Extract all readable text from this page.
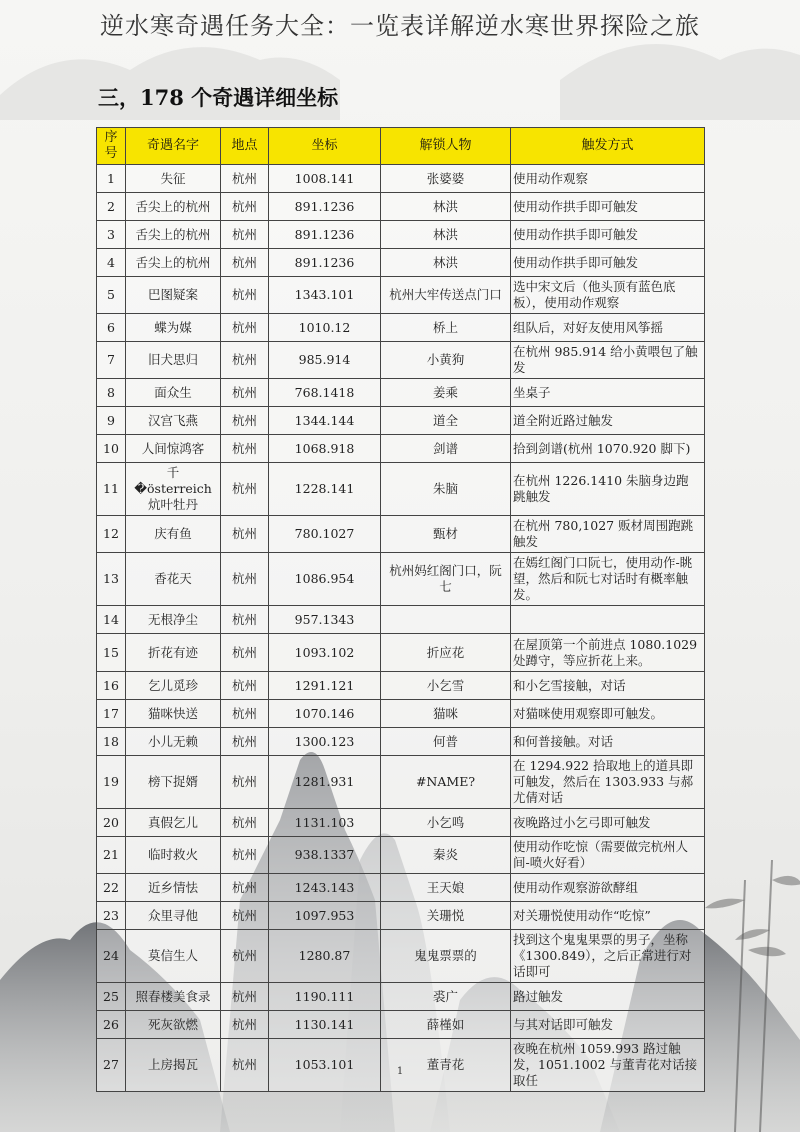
逆水寒奇遇任务大全：一览表详解逆水寒世界探险之旅
三，178 个奇遇详细坐标
序号	奇遇名字	地点	坐标	解锁人物	触发方式
1	失征	杭州	1008.141	张婆婆	使用动作观察
2	舌尖上的杭州	杭州	891.1236	林洪	使用动作拱手即可触发
3	舌尖上的杭州	杭州	891.1236	林洪	使用动作拱手即可触发
4	舌尖上的杭州	杭州	891.1236	林洪	使用动作拱手即可触发
5	巴图疑案	杭州	1343.101	杭州大牢传送点门口	选中宋文后（他头顶有蓝色底板），使用动作观察
6	蝶为媒	杭州	1010.12	桥上	组队后，对好友使用风筝摇
7	旧犬思归	杭州	985.914	小黄狗	在杭州 985.914 给小黄喂包了触发
8	面众生	杭州	768.1418	姜乘	坐桌子
9	汉宫飞燕	杭州	1344.144	道全	道全附近路过触发
10	人间惊鸿客	杭州	1068.918	剑谱	拾到剑谱(杭州 1070.920 脚下)
11	千�österreich炕叶牡丹	杭州	1228.141	朱脑	在杭州 1226.1410 朱脑身边跑跳触发
12	庆有鱼	杭州	780.1027	甄材	在杭州 780,1027 贩材周围跑跳触发
13	香花天	杭州	1086.954	杭州妈红阁门口，阮七	在嫣红阁门口阮七，使用动作-眺望，然后和阮七对话时有概率触发。
14	无根净尘	杭州	957.1343		
15	折花有迹	杭州	1093.102	折应花	在屋顶第一个前进点 1080.1029 处蹲守，等应折花上来。
16	乞儿觅珍	杭州	1291.121	小乞雪	和小乞雪接触，对话
17	猫咪快送	杭州	1070.146	猫咪	对猫咪使用观察即可触发。
18	小儿无赖	杭州	1300.123	何普	和何普接触。对话
19	榜下捉婿	杭州	1281.931	#NAME?	在 1294.922 拾取地上的道具即可触发，然后在 1303.933 与郝尤倩对话
20	真假乞儿	杭州	1131.103	小乞鸣	夜晚路过小乞弓即可触发
21	临时救火	杭州	938.1337	秦炎	使用动作吃惊（需要做完杭州人间-喷火好看）
22	近乡情怯	杭州	1243.143	王天娘	使用动作观察游欲酵组
23	众里寻他	杭州	1097.953	关珊悦	对关珊悦使用动作“吃惊”
24	莫信生人	杭州	1280.87	鬼鬼票票的	找到这个鬼鬼果票的男子，坐称《1300.849），之后正常进行对话即可
25	照春楼美食录	杭州	1190.111	裘广	路过触发
26	死灰欲燃	杭州	1130.141	薛槿如	与其对话即可触发
27	上房揭瓦	杭州	1053.101	董青花	夜晚在杭州 1059.993 路过触发，1051.1002 与董青花对话接取任
1
